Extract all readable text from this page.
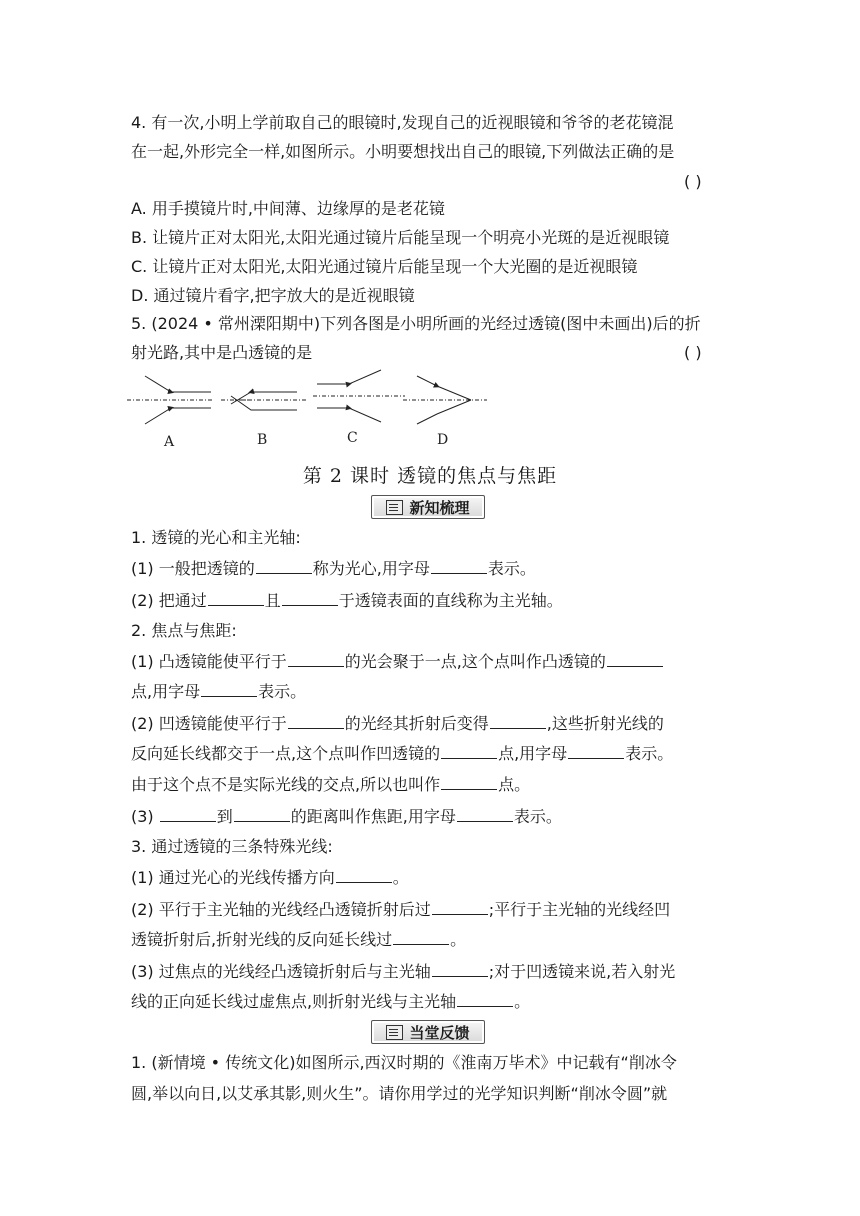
4. 有一次,小明上学前取自己的眼镜时,发现自己的近视眼镜和爷爷的老花镜混
在一起,外形完全一样,如图所示。小明要想找出自己的眼镜,下列做法正确的是
( )
A. 用手摸镜片时,中间薄、边缘厚的是老花镜
B. 让镜片正对太阳光,太阳光通过镜片后能呈现一个明亮小光斑的是近视眼镜
C. 让镜片正对太阳光,太阳光通过镜片后能呈现一个大光圈的是近视眼镜
D. 通过镜片看字,把字放大的是近视眼镜
5. (2024 • 常州溧阳期中)下列各图是小明所画的光经过透镜(图中未画出)后的折
射光路,其中是凸透镜的是	( )
A	B	C	D
第 2 课时 透镜的焦点与焦距
新知梳理
1. 透镜的光心和主光轴:
(1) 一般把透镜的	称为光心,用字母	表示。
(2) 把通过	且	于透镜表面的直线称为主光轴。
2. 焦点与焦距:
(1) 凸透镜能使平行于	的光会聚于一点,这个点叫作凸透镜的
点,用字母	表示。
(2) 凹透镜能使平行于	的光经其折射后变得	,这些折射光线的
反向延长线都交于一点,这个点叫作凹透镜的	点,用字母	表示。
由于这个点不是实际光线的交点,所以也叫作	点。
(3)	到	的距离叫作焦距,用字母	表示。
3. 通过透镜的三条特殊光线:
(1) 通过光心的光线传播方向	。
(2) 平行于主光轴的光线经凸透镜折射后过	;平行于主光轴的光线经凹
透镜折射后,折射光线的反向延长线过	。
(3) 过焦点的光线经凸透镜折射后与主光轴	;对于凹透镜来说,若入射光
线的正向延长线过虚焦点,则折射光线与主光轴	。
当堂反馈
1. (新情境 • 传统文化)如图所示,西汉时期的《淮南万毕术》中记载有“削冰令
圆,举以向日,以艾承其影,则火生”。请你用学过的光学知识判断“削冰令圆”就
